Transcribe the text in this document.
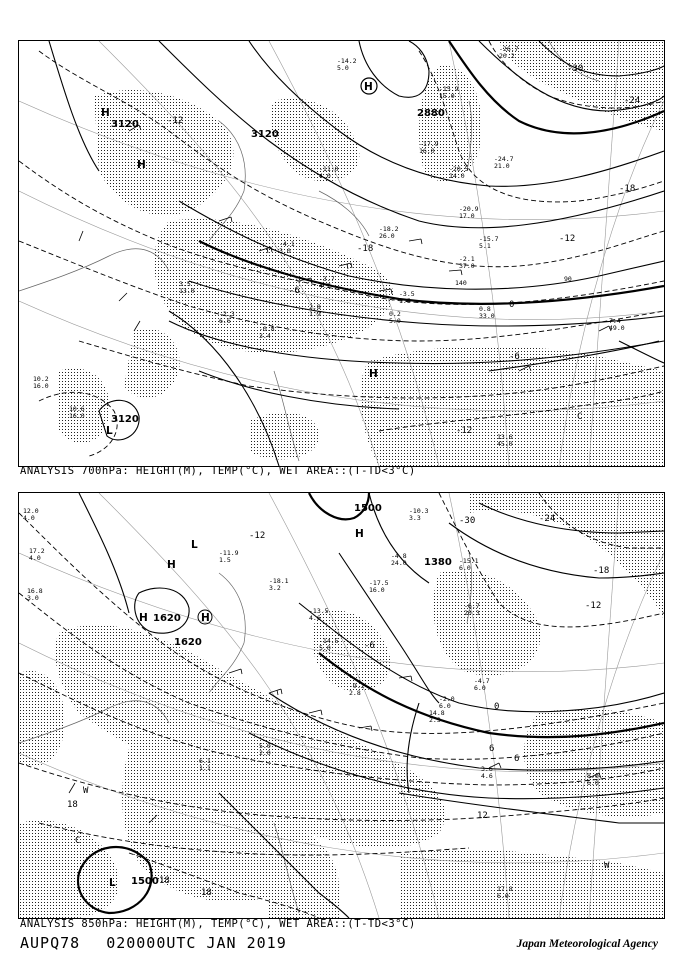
3120
3120
2880
3120
-12
-18
-24
-30
-18
-12
-6
0
-6
C
-12
140	90
H
H
H
L
H
-26.7
20.2
-14.2
5.0
-15.9
15.0
-20.5
14.0
-24.7
21.0
-17.9
16.0
-11.0
4.0
-18.2
26.0
-20.9
17.0
-15.7
5.1
-2.1
37.0
-3.5
1.5
0.8
33.0
7.4
49.0
13.6
45.0
-4.1
3.0
-3.7
4.7
2.8
1.9	0.2
5.0
-0.8
3.4
3.5
13.0
10.2
16.0
10.6
16.0
-2.3
6.6
ANALYSIS 700hPa: HEIGHT(M), TEMP(°C), WET AREA::(T-TD<3°C)
1500
1380
1620
1620
1500
-24
-30
-18
-12
-6
-12
0
6
12
18
18
18
C
W
W
6
H
H
H	H
L
L
-10.3
3.3
-15.1
6.0
-17.5
16.0
-13.5
4.6
-4.8
24.0
-6.7
20.3
-4.7
6.0
-2.0
6.0
3.6
4.6	8.0
6.0
17.8
6.0
14.8
2.3
12.0
4.0
17.2
4.0
16.8
3.0
-11.9
1.5
-18.1
3.2
-14.5
5.0
-9.2
2.8
5.0
2.0
6.1
1.1
ANALYSIS 850hPa: HEIGHT(M), TEMP(°C), WET AREA::(T-TD<3°C)
AUPQ78 020000UTC JAN 2019	Japan Meteorological Agency
